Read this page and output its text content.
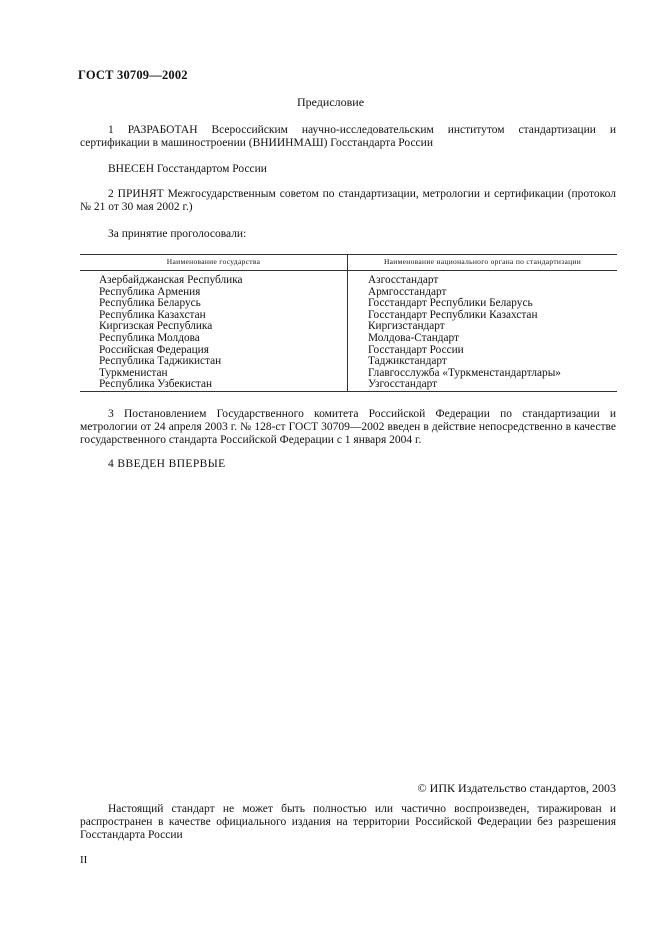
ГОСТ 30709—2002
Предисловие
1 РАЗРАБОТАН Всероссийским научно-исследовательским институтом стандартизации и сертификации в машиностроении (ВНИИНМАШ) Госстандарта России
ВНЕСЕН Госстандартом России
2 ПРИНЯТ Межгосударственным советом по стандартизации, метрологии и сертификации (протокол № 21 от 30 мая 2002 г.)
За принятие проголосовали:
Наименование государства	Наименование национального органа по стандартизации
Азербайджанская Республика
Республика Армения
Республика Беларусь
Республика Казахстан
Киргизская Республика
Республика Молдова
Российская Федерация
Республика Таджикистан
Туркменистан
Республика Узбекистан
Азгосстандарт
Армгосстандарт
Госстандарт Республики Беларусь
Госстандарт Республики Казахстан
Киргизстандарт
Молдова-Стандарт
Госстандарт России
Таджикстандарт
Главгосслужба «Туркменстандартлары»
Узгосстандарт
3 Постановлением Государственного комитета Российской Федерации по стандартизации и метрологии от 24 апреля 2003 г. № 128-ст ГОСТ 30709—2002 введен в действие непосредственно в качестве государственного стандарта Российской Федерации с 1 января 2004 г.
4 ВВЕДЕН ВПЕРВЫЕ
© ИПК Издательство стандартов, 2003
Настоящий стандарт не может быть полностью или частично воспроизведен, тиражирован и распространен в качестве официального издания на территории Российской Федерации без разрешения Госстандарта России
II
